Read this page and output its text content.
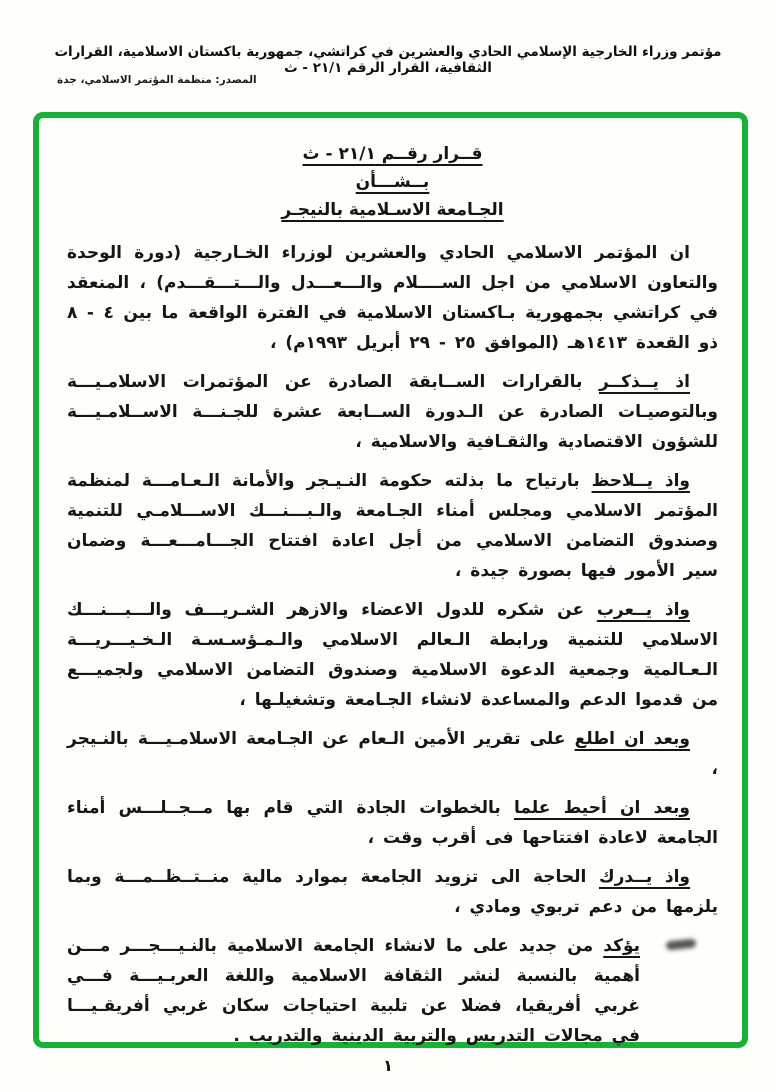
مؤتمر وزراء الخارجية الإسلامي الحادي والعشرين في كراتشي، جمهورية باكستان الاسلامية، القرارات الثقافية، القرار الرقم ٢١/١ - ث
المصدر: منظمة المؤتمر الاسلامي، جدة
قــرار رقــم ٢١/١ - ث
بــشـــأن
الجـامعة الاسـلامية بالنيجـر

ان المؤتمر الاسلامي الحادي والعشرين لوزراء الخـارجية (دورة الوحدة والتعاون الاسلامي من اجل الســــلام والـــعـــدل والـــتـــقـــدم) ، المنعقد في كراتشي بجمهورية بـاكستان الاسلامية في الفترة الواقعة ما بين ٤ - ٨ ذو القعدة ١٤١٣هـ (الموافق ٢٥ - ٢٩ أبريل ١٩٩٣م) ،

اذ يــذكــر بالقرارات الســابقة الصادرة عن المؤتمرات الاسلامـيـــة وبالتوصيـات الصادرة عن الـدورة الســابعة عشرة للجـنـــة الاســلامـيـــة للشؤون الاقتصادية والثقـافية والاسلامية ،

واذ يــلاحظ بارتياح ما بذلته حكومة النـيـجر والأمانة الـعـامـــة لمنظمة المؤتمر الاسلامي ومجلس أمناء الجـامعة والـبـــنـــك الاســـلامـي للتنمية وصندوق التضامن الاسلامي من أجل اعادة افتتاح الجـــامـــعـــة وضمان سير الأمور فيها بصورة جيدة ،

واذ يــعرب عن شكره للدول الاعضاء والازهر الشـريـــف والـــبـــنـــك الاسلامي للتنمية ورابطة الـعالم الاسلامي والـمـؤسـسـة الـخـيـــريـــة الـعـالمية وجمعية الدعوة الاسلامية وصندوق التضامن الاسلامي ولجميـــع من قدموا الدعم والمساعدة لانشاء الجـامعة وتشغيلـها ،

وبعد ان اطلع على تقرير الأمين الـعام عن الجـامعة الاسلامـيـــة بالنـيجر ،

وبعد ان أحيط علما بالخطوات الجادة التي قام بها مــجــلـــس أمناء الجامعة لاعادة افتتاحها فى أقرب وقت ،

واذ يــدرك الحاجة الى تزويد الجامعة بموارد مالية منــتــظــمـــة وبما يلزمها من دعم تربوي ومادي ،

يؤكد من جديد على ما لانشاء الجامعة الاسلامية بالنـيـــجـــر مـــن أهمية بالنسبة لنشر الثقافة الاسلامية واللغة العربـيـــة فـــي غربي أفريقيا، فضلا عن تلبية احتياجات سكان غربي أفريقـيـــا في مجالات التدريس والتربية الدينية والتدريب .

١
